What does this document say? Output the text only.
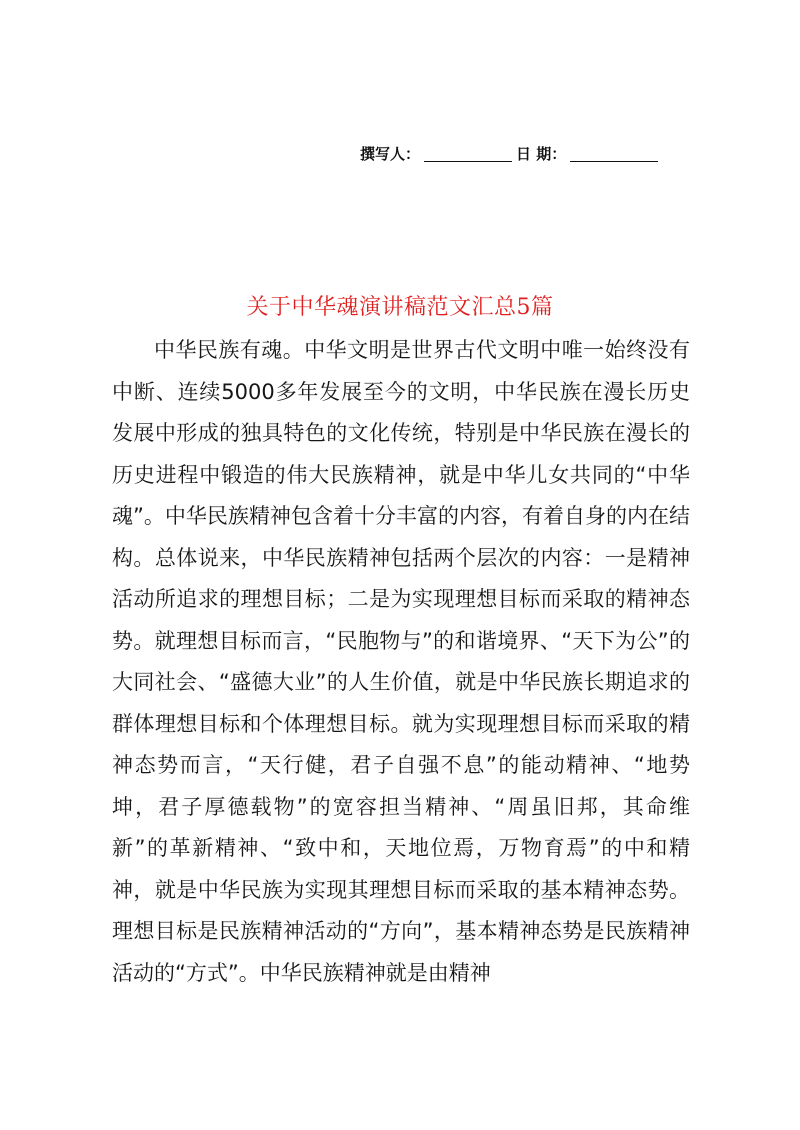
撰写人：	日 期：
关于中华魂演讲稿范文汇总5篇

中华民族有魂。中华文明是世界古代文明中唯一始终没有中断、连续5000多年发展至今的文明，中华民族在漫长历史发展中形成的独具特色的文化传统，特别是中华民族在漫长的历史进程中锻造的伟大民族精神，就是中华儿女共同的“中华魂”。中华民族精神包含着十分丰富的内容，有着自身的内在结构。总体说来，中华民族精神包括两个层次的内容：一是精神活动所追求的理想目标；二是为实现理想目标而采取的精神态势。就理想目标而言，“民胞物与”的和谐境界、“天下为公”的大同社会、“盛德大业”的人生价值，就是中华民族长期追求的群体理想目标和个体理想目标。就为实现理想目标而采取的精神态势而言，“天行健，君子自强不息”的能动精神、“地势坤，君子厚德载物”的宽容担当精神、“周虽旧邦，其命维新”的革新精神、“致中和，天地位焉，万物育焉”的中和精神，就是中华民族为实现其理想目标而采取的基本精神态势。理想目标是民族精神活动的“方向”，基本精神态势是民族精神活动的“方式”。中华民族精神就是由精神
